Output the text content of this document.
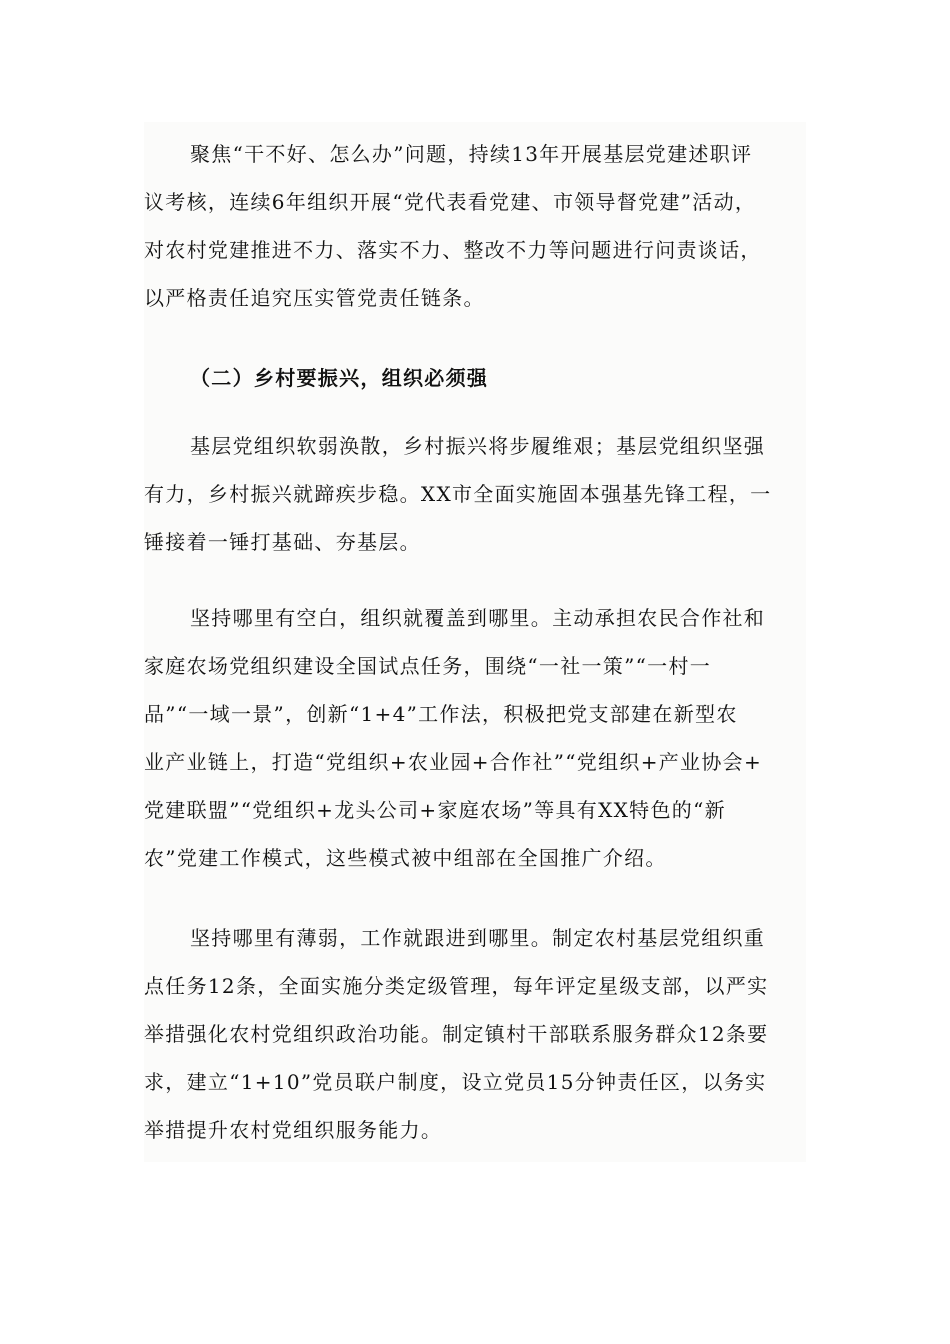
聚焦“干不好、怎么办”问题，持续13年开展基层党建述职评
议考核，连续6年组织开展“党代表看党建、市领导督党建”活动，
对农村党建推进不力、落实不力、整改不力等问题进行问责谈话，
以严格责任追究压实管党责任链条。
（二）乡村要振兴，组织必须强
基层党组织软弱涣散，乡村振兴将步履维艰；基层党组织坚强
有力，乡村振兴就蹄疾步稳。XX市全面实施固本强基先锋工程，一
锤接着一锤打基础、夯基层。
坚持哪里有空白，组织就覆盖到哪里。主动承担农民合作社和
家庭农场党组织建设全国试点任务，围绕“一社一策”“一村一
品”“一域一景”，创新“1+4”工作法，积极把党支部建在新型农
业产业链上，打造“党组织+农业园+合作社”“党组织+产业协会+
党建联盟”“党组织+龙头公司+家庭农场”等具有XX特色的“新
农”党建工作模式，这些模式被中组部在全国推广介绍。
坚持哪里有薄弱，工作就跟进到哪里。制定农村基层党组织重
点任务12条，全面实施分类定级管理，每年评定星级支部，以严实
举措强化农村党组织政治功能。制定镇村干部联系服务群众12条要
求，建立“1+10”党员联户制度，设立党员15分钟责任区，以务实
举措提升农村党组织服务能力。
